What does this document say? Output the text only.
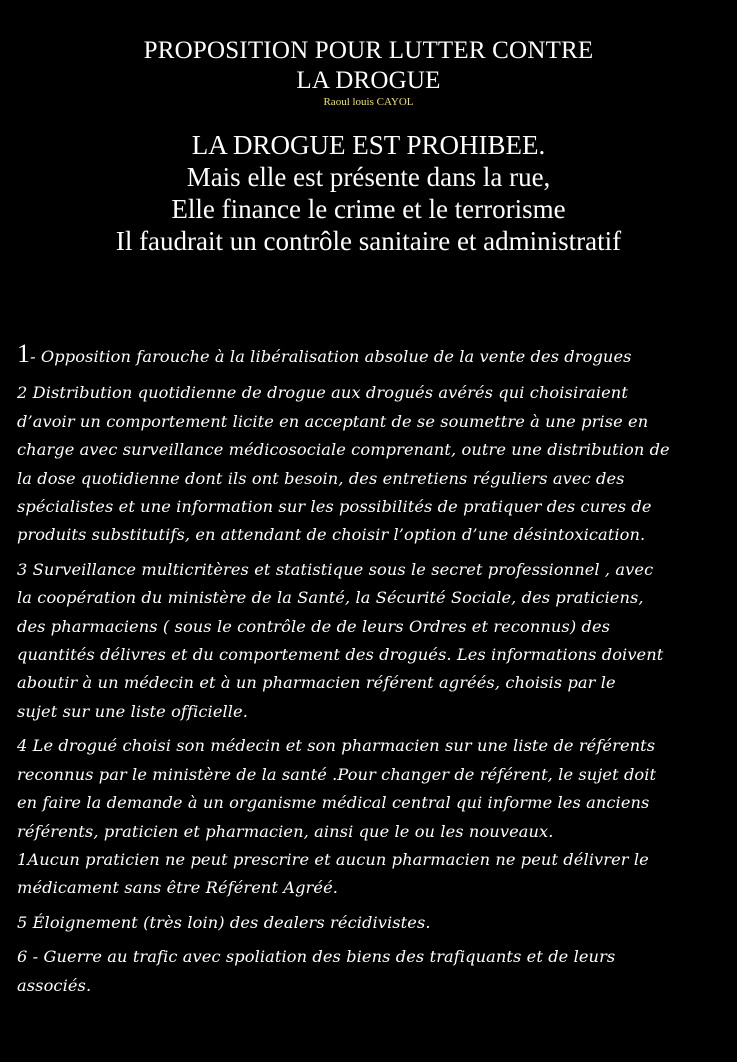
PROPOSITION POUR LUTTER CONTRE
LA DROGUE
Raoul louis CAYOL
LA DROGUE EST PROHIBEE.
Mais elle est présente dans la rue,
Elle finance le crime et le terrorisme
Il faudrait un contrôle sanitaire et administratif
1- Opposition farouche à la libéralisation absolue de la vente des drogues
2 Distribution quotidienne de drogue aux drogués avérés qui choisiraient
d’avoir un comportement licite en acceptant de se soumettre à une prise en
charge avec surveillance médicosociale comprenant, outre une distribution de
la dose quotidienne dont ils ont besoin, des entretiens réguliers avec des
spécialistes et une information sur les possibilités de pratiquer des cures de
produits substitutifs, en attendant de choisir l’option d’une désintoxication.
3 Surveillance multicritères et statistique sous le secret professionnel , avec
la coopération du ministère de la Santé, la Sécurité Sociale, des praticiens,
des pharmaciens ( sous le contrôle de de leurs Ordres et reconnus) des
quantités délivres et du comportement des drogués. Les informations doivent
aboutir à un médecin et à un pharmacien référent agréés, choisis par le
sujet sur une liste officielle.
4 Le drogué choisi son médecin et son pharmacien sur une liste de référents
reconnus par le ministère de la santé .Pour changer de référent, le sujet doit
en faire la demande à un organisme médical central qui informe les anciens
référents, praticien et pharmacien, ainsi que le ou les nouveaux.
1Aucun praticien ne peut prescrire et aucun pharmacien ne peut délivrer le
médicament sans être Référent Agréé.
5 Éloignement (très loin) des dealers récidivistes.
6 - Guerre au trafic avec spoliation des biens des trafiquants et de leurs
associés.
